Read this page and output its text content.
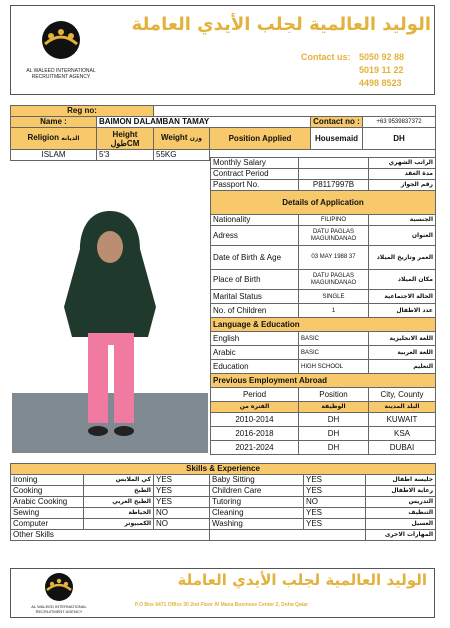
AL WALEED INTERNATIONAL
RECRUITMENT AGENCY
الوليد العالمية لجلب الأيدي العاملة
Contact us: 5050 92 88
5019 11 22
4498 8523
Reg no:					
Name :	BAIMON DALAMBAN TAMAY			Contact no :	+63 9539837372
Religion الديانه	Height
طولCM	Weight وزن	Position Applied	Housemaid	DH
ISLAM	5'3	55KG			
Monthly Salary		الراتب الشهري
Contract Period		مدة العقد
Passport No.	P8117997B	رقم الجواز
Details of Application		
Nationality	FILIPINO	الجنسية
Adress	DATU PAGLAS MAGUINDANAO	العنوان
Date of Birth & Age	03 MAY 1988 37	العمر وتاريخ الميلاد
Place of Birth	DATU PAGLAS MAGUINDANAO	مكان الميلاد
Marital Status	SINGLE	الحالة الاجتماعية
No. of Children	1	عدد الاطفال
Language & Education		
English	BASIC	اللغة الانجليزية
Arabic	BASIC	اللغة العربية
Education	HIGH SCHOOL	التعليم
Previous Employment Abroad		
Period	Position	City, County
الفتره من	الوظيفة	البلد المدينة
2010-2014	DH	KUWAIT
2016-2018	DH	KSA
2021-2024	DH	DUBAI
Skills & Experience					
Ironing	كي الملابس	YES	Baby Sitting	YES	جليسة اطفال
Cooking	الطبخ	YES	Children Care	YES	رعاية الاطفال
Arabic Cooking	الطبخ العربي	YES	Tutoring	NO	التدريس
Sewing	الخياطة	NO	Cleaning	YES	التنظيف
Computer	الكمبيوتر	NO	Washing	YES	الغسيل
Other Skills					المهارات الاخرى
AL WALEED INTERNATIONAL
RECRUITMENT AGENCY
الوليد العالمية لجلب الأيدي العاملة
P.O Box 6471 Office 30 2nd Floor Al Mana Business Center 2, Doha Qatar
